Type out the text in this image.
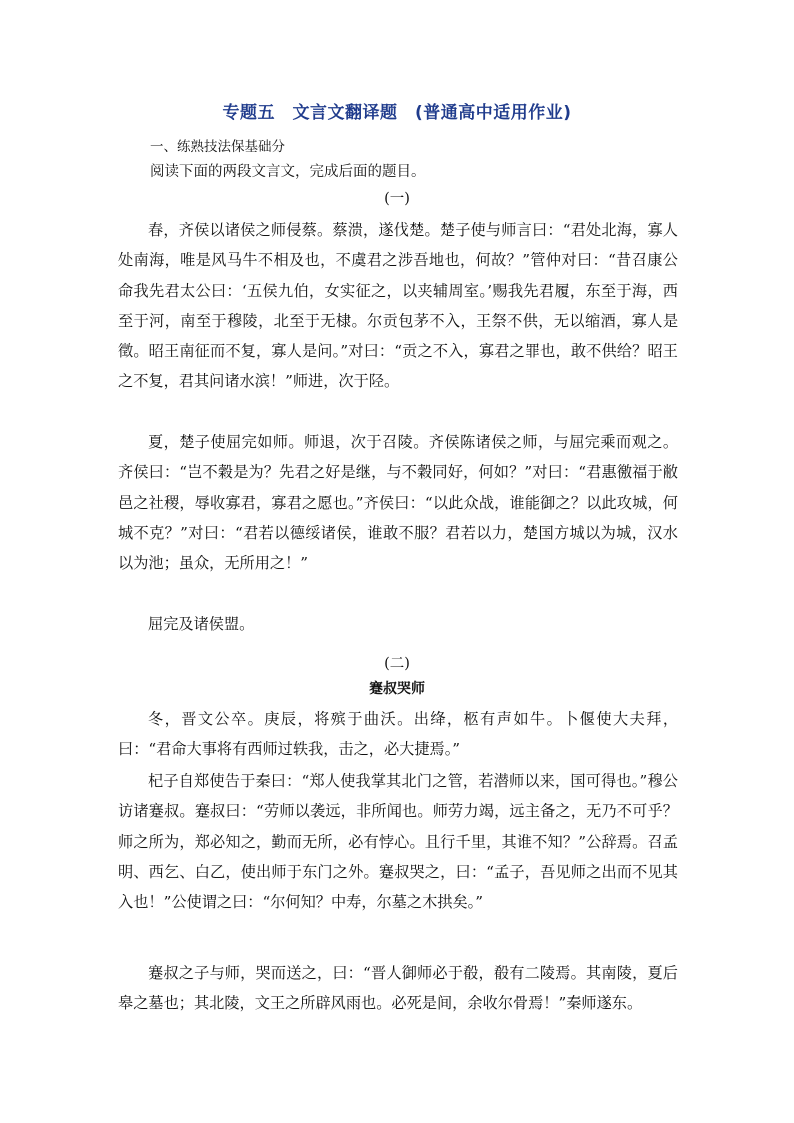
专题五　文言文翻译题　(普通高中适用作业)
一、练熟技法保基础分
阅读下面的两段文言文，完成后面的题目。
(一)

春，齐侯以诸侯之师侵蔡。蔡溃，遂伐楚。楚子使与师言曰：“君处北海，寡人处南海，唯是风马牛不相及也，不虞君之涉吾地也，何故？”管仲对曰：“昔召康公命我先君太公曰：‘五侯九伯，女实征之，以夹辅周室。’赐我先君履，东至于海，西至于河，南至于穆陵，北至于无棣。尔贡包茅不入，王祭不供，无以缩酒，寡人是徵。昭王南征而不复，寡人是问。”对曰：“贡之不入，寡君之罪也，敢不供给？昭王之不复，君其问诸水滨！”师进，次于陉。

夏，楚子使屈完如师。师退，次于召陵。齐侯陈诸侯之师，与屈完乘而观之。齐侯曰：“岂不穀是为？先君之好是继，与不穀同好，何如？”对曰：“君惠徼福于敝邑之社稷，辱收寡君，寡君之愿也。”齐侯曰：“以此众战，谁能御之？以此攻城，何城不克？”对曰：“君若以德绥诸侯，谁敢不服？君若以力，楚国方城以为城，汉水以为池；虽众，无所用之！”

屈完及诸侯盟。

(二)
蹇叔哭师

冬，晋文公卒。庚辰，将殡于曲沃。出绛，柩有声如牛。卜偃使大夫拜，曰：“君命大事将有西师过轶我，击之，必大捷焉。”

杞子自郑使告于秦曰：“郑人使我掌其北门之管，若潜师以来，国可得也。”穆公访诸蹇叔。蹇叔曰：“劳师以袭远，非所闻也。师劳力竭，远主备之，无乃不可乎？师之所为，郑必知之，勤而无所，必有悖心。且行千里，其谁不知？”公辞焉。召孟明、西乞、白乙，使出师于东门之外。蹇叔哭之，曰：“孟子，吾见师之出而不见其入也！”公使谓之曰：“尔何知？中寿，尔墓之木拱矣。”

蹇叔之子与师，哭而送之，曰：“晋人御师必于殽，殽有二陵焉。其南陵，夏后皋之墓也；其北陵，文王之所辟风雨也。必死是间，余收尔骨焉！”秦师遂东。
